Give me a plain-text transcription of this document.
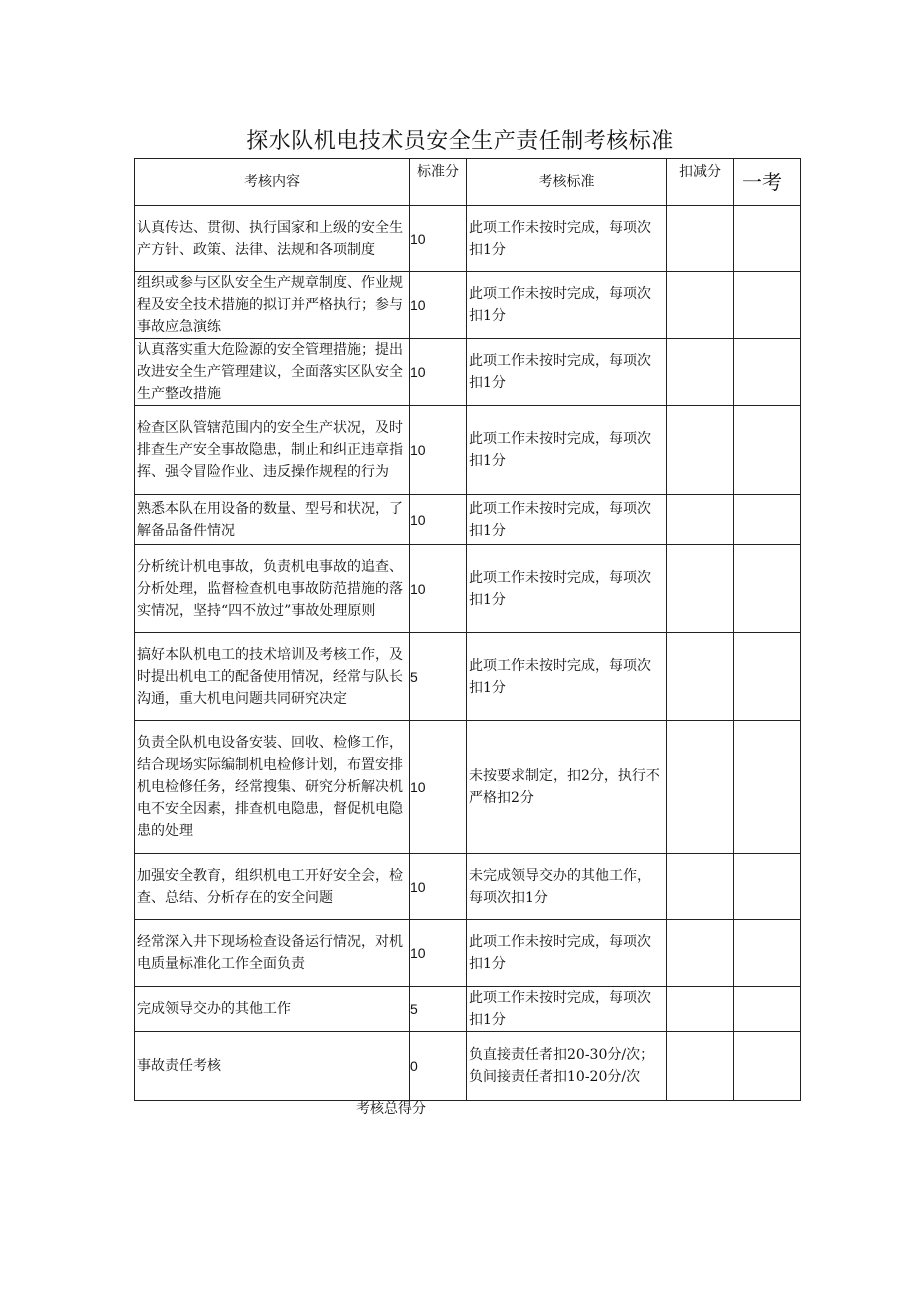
探水队机电技术员安全生产责任制考核标准
考核内容	标准分	考核标准	扣减分	一考
认真传达、贯彻、执行国家和上级的安全生产方针、政策、法律、法规和各项制度	10	此项工作未按时完成，每项次扣1分		
组织或参与区队安全生产规章制度、作业规程及安全技术措施的拟订并严格执行；参与事故应急演练	10	此项工作未按时完成，每项次扣1分		
认真落实重大危险源的安全管理措施；提出改进安全生产管理建议，全面落实区队安全生产整改措施	10	此项工作未按时完成，每项次扣1分		
检查区队管辖范围内的安全生产状况，及时排查生产安全事故隐患，制止和纠正违章指挥、强令冒险作业、违反操作规程的行为	10	此项工作未按时完成，每项次扣1分		
熟悉本队在用设备的数量、型号和状况，了解备品备件情况	10	此项工作未按时完成，每项次扣1分		
分析统计机电事故，负责机电事故的追查、分析处理，监督检查机电事故防范措施的落实情况，坚持“四不放过”事故处理原则	10	此项工作未按时完成，每项次扣1分		
搞好本队机电工的技术培训及考核工作，及时提出机电工的配备使用情况，经常与队长沟通，重大机电问题共同研究决定	5	此项工作未按时完成，每项次扣1分		
负责全队机电设备安装、回收、检修工作，结合现场实际编制机电检修计划，布置安排机电检修任务，经常搜集、研究分析解决机电不安全因素，排查机电隐患，督促机电隐患的处理	10	未按要求制定，扣2分，执行不严格扣2分		
加强安全教育，组织机电工开好安全会，检查、总结、分析存在的安全问题	10	未完成领导交办的其他工作，每项次扣1分		
经常深入井下现场检查设备运行情况，对机电质量标准化工作全面负责	10	此项工作未按时完成，每项次扣1分		
完成领导交办的其他工作	5	此项工作未按时完成，每项次扣1分		
事故责任考核	0	负直接责任者扣20-30分/次；负间接责任者扣10-20分/次		
考核总得分
